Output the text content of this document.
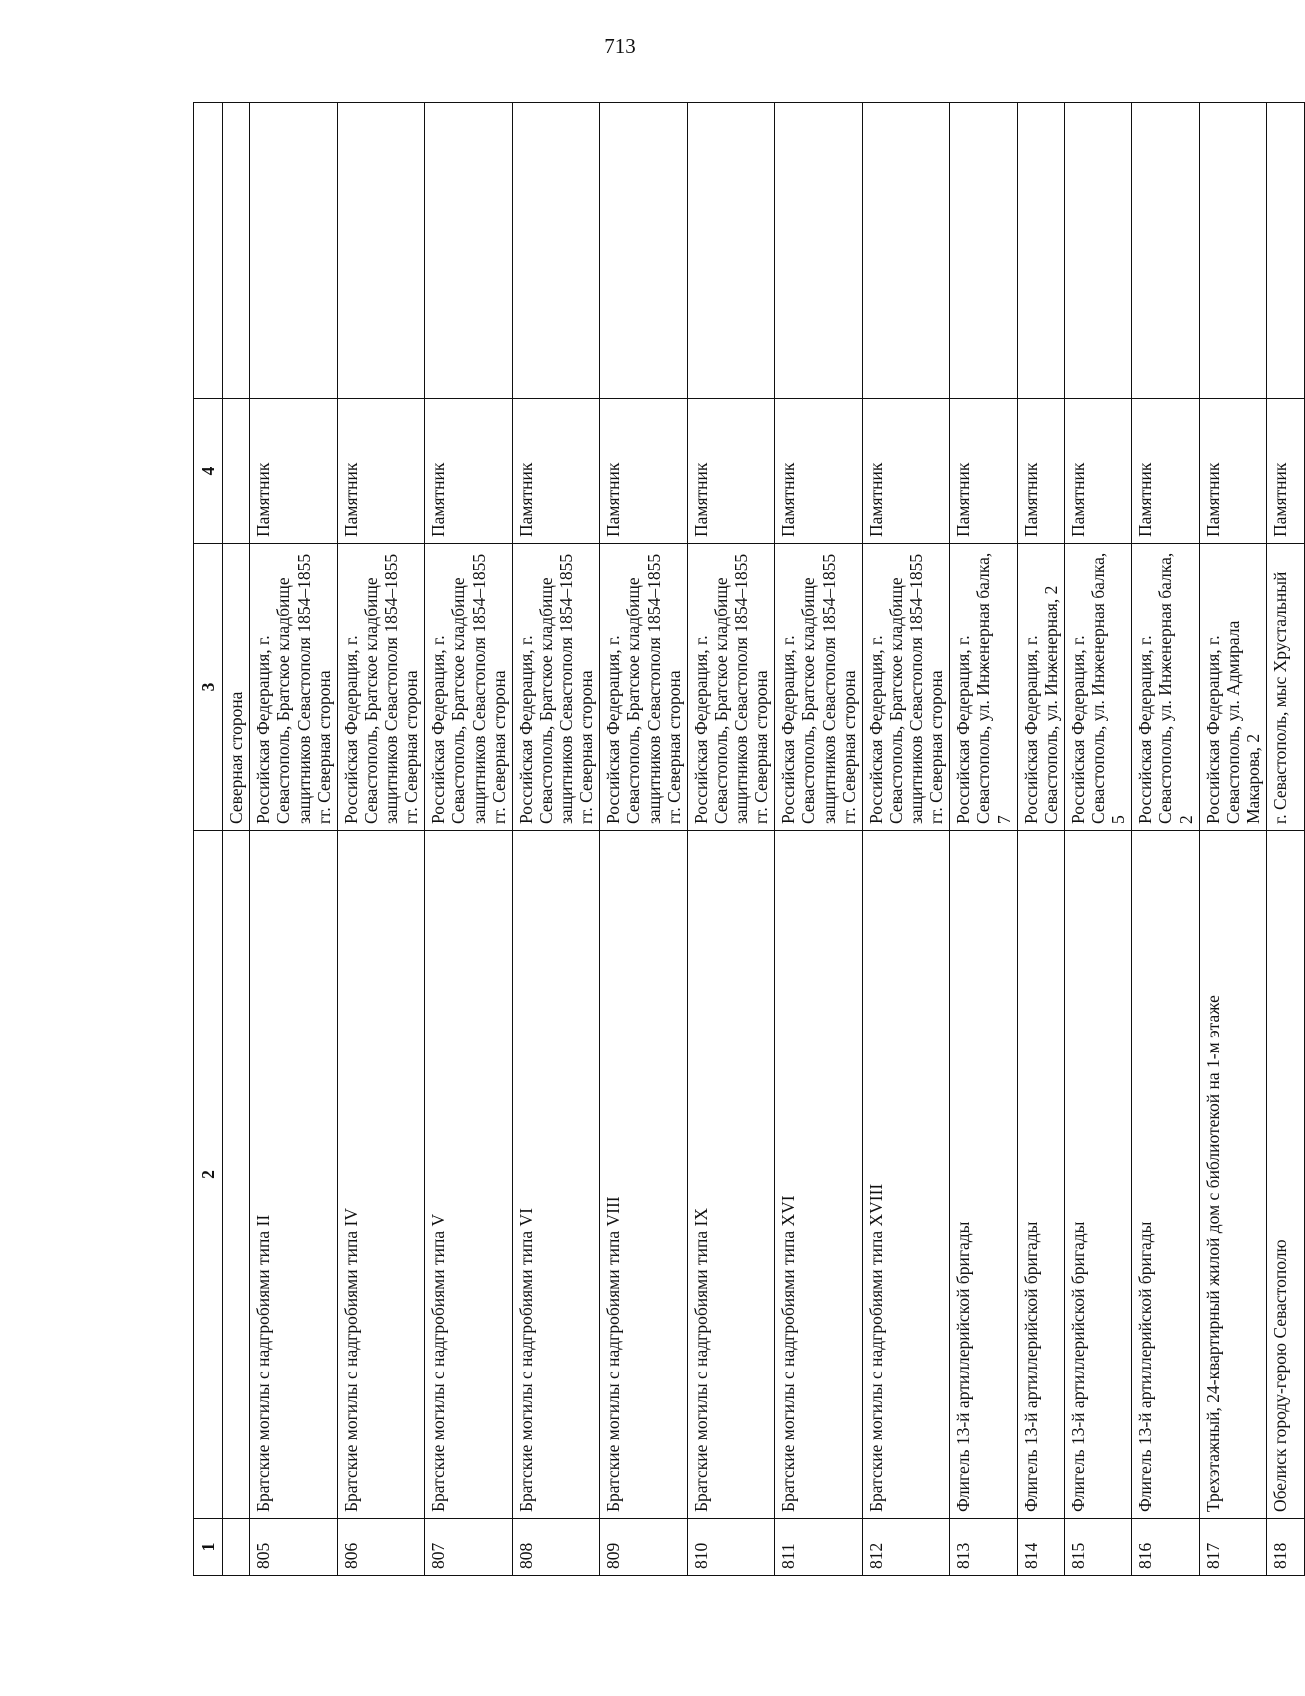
713
1	2	3	4	
		Северная сторона		
805	Братские могилы с надгробиями типа II	Российская Федерация, г. Севастополь, Братское кладбище защитников Севастополя 1854–1855 гг. Северная сторона	Памятник	
806	Братские могилы с надгробиями типа IV	Российская Федерация, г. Севастополь, Братское кладбище защитников Севастополя 1854–1855 гг. Северная сторона	Памятник	
807	Братские могилы с надгробиями типа V	Российская Федерация, г. Севастополь, Братское кладбище защитников Севастополя 1854–1855 гг. Северная сторона	Памятник	
808	Братские могилы с надгробиями типа VI	Российская Федерация, г. Севастополь, Братское кладбище защитников Севастополя 1854–1855 гг. Северная сторона	Памятник	
809	Братские могилы с надгробиями типа VIII	Российская Федерация, г. Севастополь, Братское кладбище защитников Севастополя 1854–1855 гг. Северная сторона	Памятник	
810	Братские могилы с надгробиями типа IX	Российская Федерация, г. Севастополь, Братское кладбище защитников Севастополя 1854–1855 гг. Северная сторона	Памятник	
811	Братские могилы с надгробиями типа XVI	Российская Федерация, г. Севастополь, Братское кладбище защитников Севастополя 1854–1855 гг. Северная сторона	Памятник	
812	Братские могилы с надгробиями типа XVIII	Российская Федерация, г. Севастополь, Братское кладбище защитников Севастополя 1854–1855 гг. Северная сторона	Памятник	
813	Флигель 13-й артиллерийской бригады	Российская Федерация, г. Севастополь, ул. Инженерная балка, 7	Памятник	
814	Флигель 13-й артиллерийской бригады	Российская Федерация, г. Севастополь, ул. Инженерная, 2	Памятник	
815	Флигель 13-й артиллерийской бригады	Российская Федерация, г. Севастополь, ул. Инженерная балка, 5	Памятник	
816	Флигель 13-й артиллерийской бригады	Российская Федерация, г. Севастополь, ул. Инженерная балка, 2	Памятник	
817	Трехэтажный, 24-квартирный жилой дом с библиотекой на 1-м этаже	Российская Федерация, г. Севастополь, ул. Адмирала Макарова, 2	Памятник	
818	Обелиск городу-герою Севастополю	г. Севастополь, мыс Хрустальный	Памятник	
